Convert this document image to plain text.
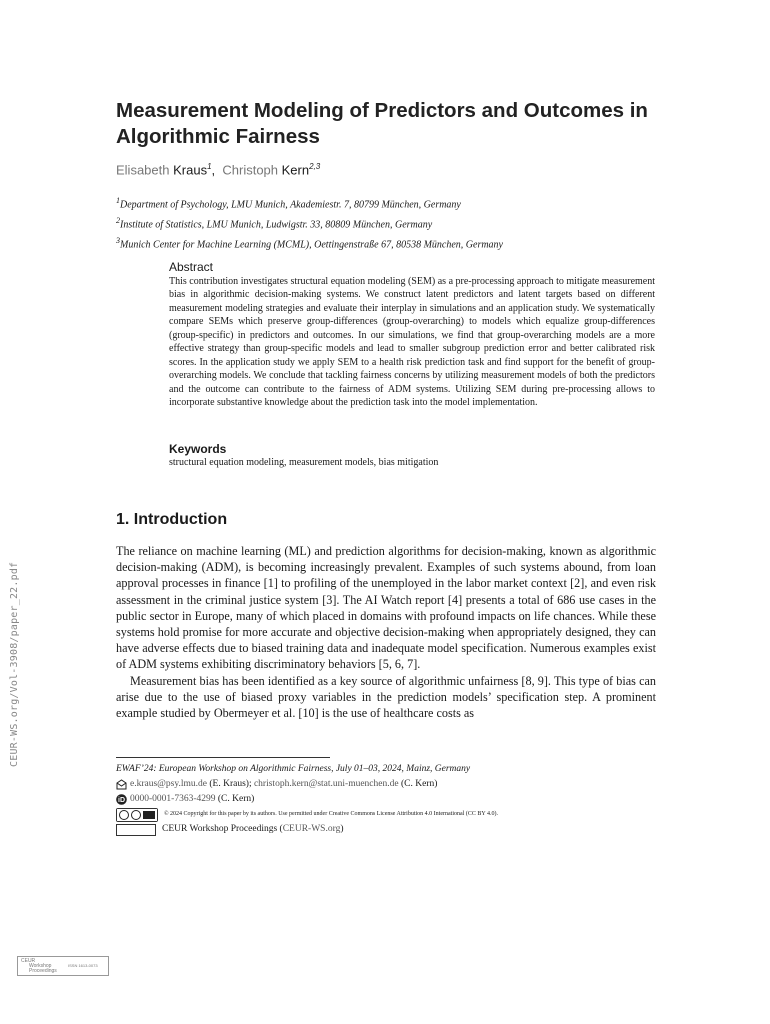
Measurement Modeling of Predictors and Outcomes in Algorithmic Fairness
Elisabeth Kraus$^1$,  Christoph Kern$^{2,3}$
$^1$Department of Psychology, LMU Munich, Akademiestr. 7, 80799 München, Germany
$^2$Institute of Statistics, LMU Munich, Ludwigstr. 33, 80809 München, Germany
$^3$Munich Center for Machine Learning (MCML), Oettingenstraße 67, 80538 München, Germany
Abstract
This contribution investigates structural equation modeling (SEM) as a pre-processing approach to mitigate measurement bias in algorithmic decision-making systems. We construct latent predictors and latent targets based on different measurement modeling strategies and evaluate their interplay in simulations and an application study. We systematically compare SEMs which preserve group-differences (group-overarching) to models which equalize group-differences (group-specific) in predictors and outcomes. In our simulations, we find that group-overarching models are a more effective strategy than group-specific models and lead to smaller subgroup prediction error and better calibrated risk scores. In the application study we apply SEM to a health risk prediction task and find support for the benefit of group-overarching models. We conclude that tackling fairness concerns by utilizing measurement models of both the predictors and the outcome can contribute to the fairness of ADM systems. Utilizing SEM during pre-processing allows to incorporate substantive knowledge about the prediction task into the model implementation.
Keywords
structural equation modeling, measurement models, bias mitigation
1. Introduction

The reliance on machine learning (ML) and prediction algorithms for decision-making, known as algorithmic decision-making (ADM), is becoming increasingly prevalent. Examples of such systems abound, from loan approval processes in finance [1] to profiling of the unemployed in the labor market context [2], and even risk assessment in the criminal justice system [3]. The AI Watch report [4] presents a total of 686 use cases in the public sector in Europe, many of which placed in domains with profound impacts on life chances. While these systems hold promise for more accurate and objective decision-making when appropriately designed, they can have adverse effects due to biased training data and inadequate model specification. Numerous examples exist of ADM systems exhibiting discriminatory behaviors [5, 6, 7].

Measurement bias has been identified as a key source of algorithmic unfairness [8, 9]. This type of bias can arise due to the use of biased proxy variables in the prediction models’ specification step. A prominent example studied by Obermeyer et al. [10] is the use of healthcare costs as

EWAF’24: European Workshop on Algorithmic Fairness, July 01–03, 2024, Mainz, Germany
e.kraus@psy.lmu.de
(E. Kraus);
christoph.kern@stat.uni-muenchen.de
(C. Kern)
iD 0000-0001-7363-4299
(C. Kern)
© 2024 Copyright for this paper by its authors. Use permitted under Creative Commons License Attribution 4.0 International (CC BY 4.0).
CEUR Workshop Proceedings ( CEUR-WS.org )
CEUR-WS.org/Vol-3908/paper_22.pdf
CEUR
Workshop
Proceedings
ISSN 1613-0073
